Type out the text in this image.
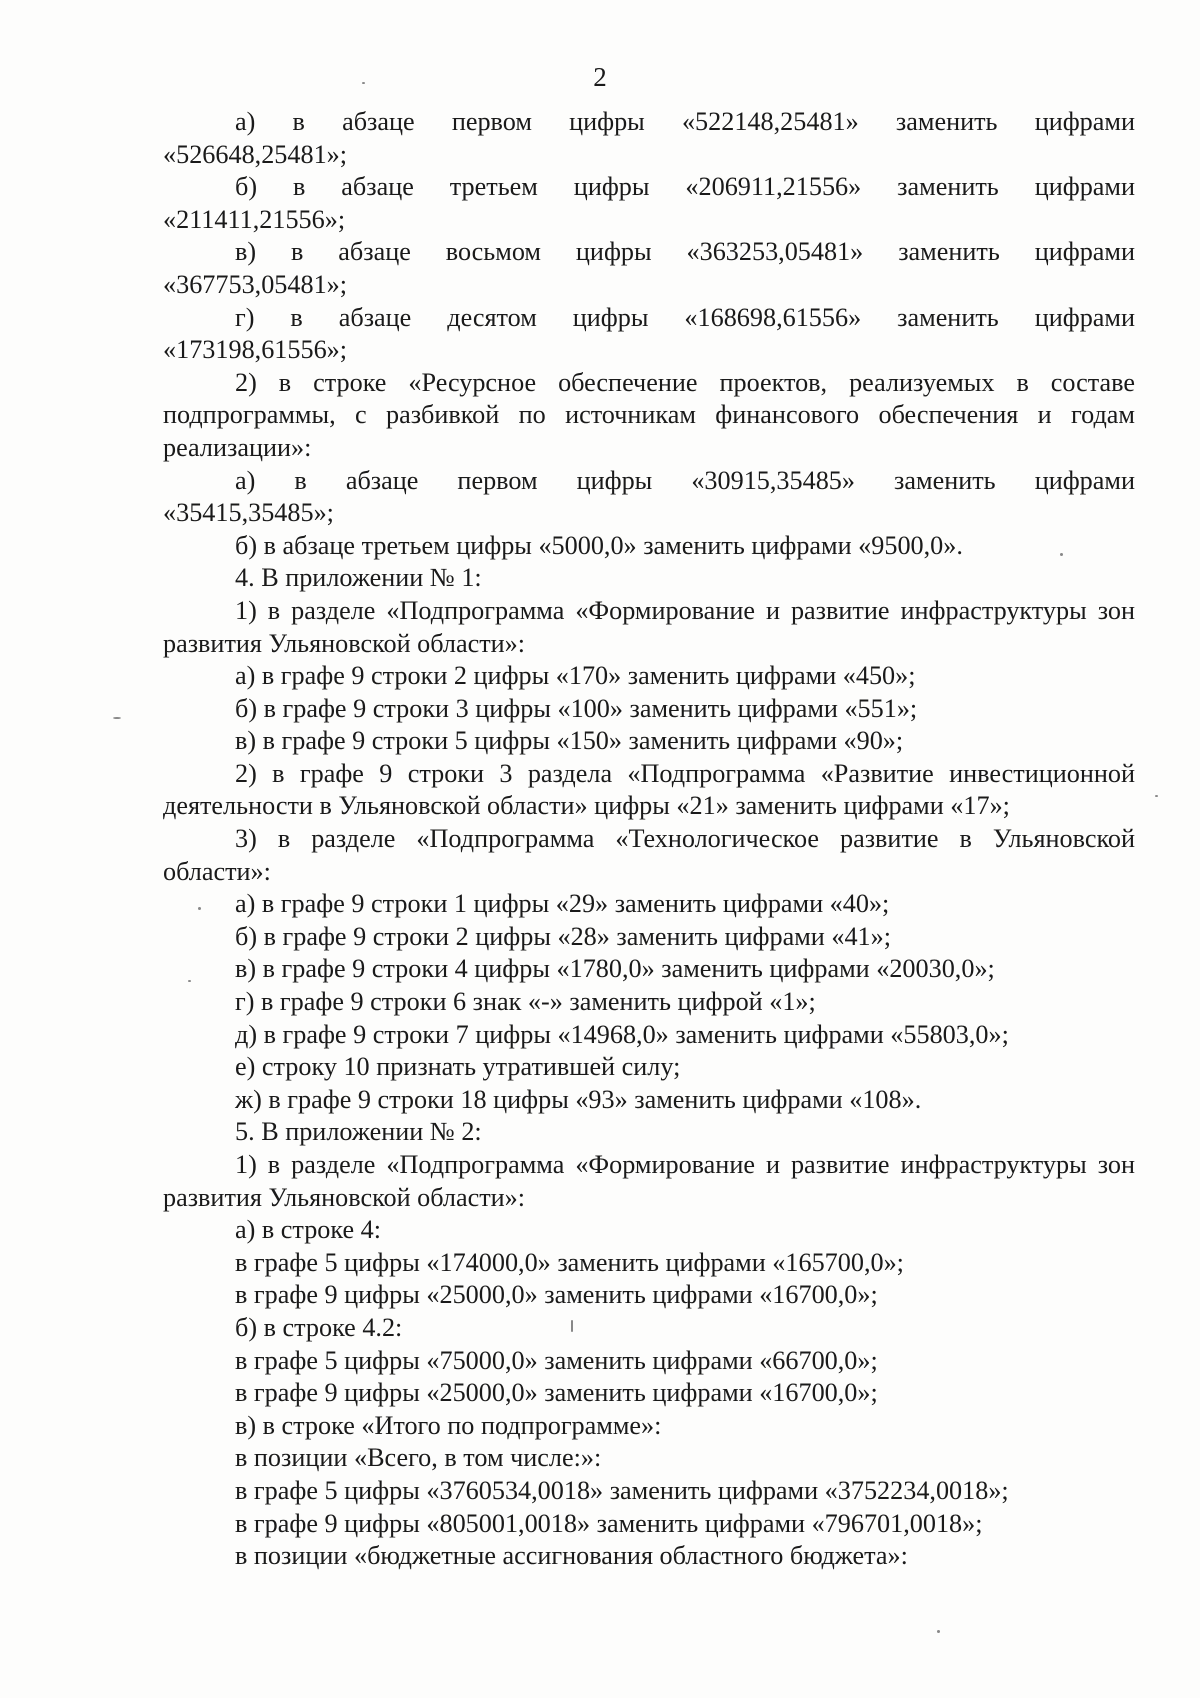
2

а) в абзаце первом цифры «522148,25481» заменить цифрами
«526648,25481»;

б) в абзаце третьем цифры «206911,21556» заменить цифрами
«211411,21556»;

в) в абзаце восьмом цифры «363253,05481» заменить цифрами
«367753,05481»;

г) в абзаце десятом цифры «168698,61556» заменить цифрами
«173198,61556»;

2) в строке «Ресурсное обеспечение проектов, реализуемых в составе подпрограммы, с разбивкой по источникам финансового обеспечения и годам реализации»:

а) в абзаце первом цифры «30915,35485» заменить цифрами
«35415,35485»;

б) в абзаце третьем цифры «5000,0» заменить цифрами «9500,0».

4. В приложении № 1:

1) в разделе «Подпрограмма «Формирование и развитие инфраструктуры зон развития Ульяновской области»:

а) в графе 9 строки 2 цифры «170» заменить цифрами «450»;

б) в графе 9 строки 3 цифры «100» заменить цифрами «551»;

в) в графе 9 строки 5 цифры «150» заменить цифрами «90»;

2) в графе 9 строки 3 раздела «Подпрограмма «Развитие инвестиционной деятельности в Ульяновской области» цифры «21» заменить цифрами «17»;

3) в разделе «Подпрограмма «Технологическое развитие в Ульяновской области»:

а) в графе 9 строки 1 цифры «29» заменить цифрами «40»;

б) в графе 9 строки 2 цифры «28» заменить цифрами «41»;

в) в графе 9 строки 4 цифры «1780,0» заменить цифрами «20030,0»;

г) в графе 9 строки 6 знак «-» заменить цифрой «1»;

д) в графе 9 строки 7 цифры «14968,0» заменить цифрами «55803,0»;

е) строку 10 признать утратившей силу;

ж) в графе 9 строки 18 цифры «93» заменить цифрами «108».

5. В приложении № 2:

1) в разделе «Подпрограмма «Формирование и развитие инфраструктуры зон развития Ульяновской области»:

а) в строке 4:

в графе 5 цифры «174000,0» заменить цифрами «165700,0»;

в графе 9 цифры «25000,0» заменить цифрами «16700,0»;

б) в строке 4.2:

в графе 5 цифры «75000,0» заменить цифрами «66700,0»;

в графе 9 цифры «25000,0» заменить цифрами «16700,0»;

в) в строке «Итого по подпрограмме»:

в позиции «Всего, в том числе:»:

в графе 5 цифры «3760534,0018» заменить цифрами «3752234,0018»;

в графе 9 цифры «805001,0018» заменить цифрами «796701,0018»;

в позиции «бюджетные ассигнования областного бюджета»:
